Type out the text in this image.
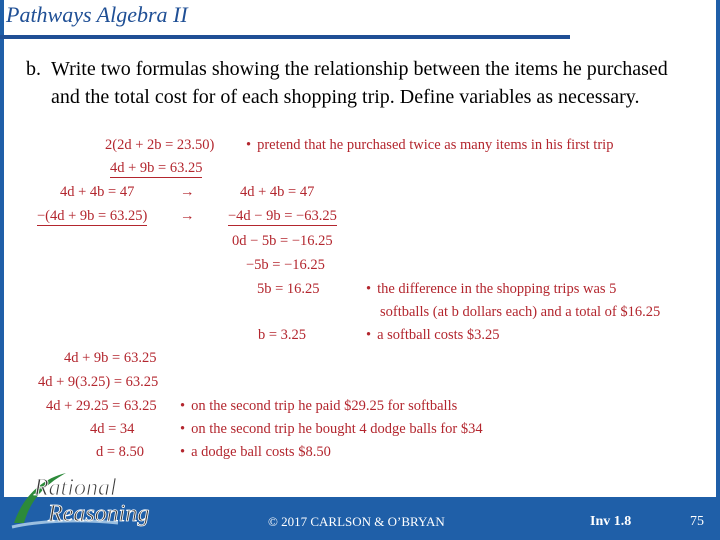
Pathways Algebra II
b. Write two formulas showing the relationship between the items he purchased and the total cost for of each shopping trip. Define variables as necessary.
2(2d + 2b = 23.50)	• pretend that he purchased twice as many items in his first trip
4d + 9b = 63.25
4d + 4b = 47	→	4d + 4b = 47
−(4d + 9b = 63.25) → −4d − 9b = −63.25
0d − 5b = −16.25
−5b = −16.25
5b = 16.25	• the difference in the shopping trips was 5
softballs (at b dollars each) and a total of $16.25
b = 3.25	• a softball costs $3.25
4d + 9b = 63.25
4d + 9(3.25) = 63.25
4d + 29.25 = 63.25	• on the second trip he paid $29.25 for softballs
4d = 34	• on the second trip he bought 4 dodge balls for $34
d = 8.50	• a dodge ball costs $8.50
Rational
Reasoning	© 2017 CARLSON & O’BRYAN	Inv 1.8	75
